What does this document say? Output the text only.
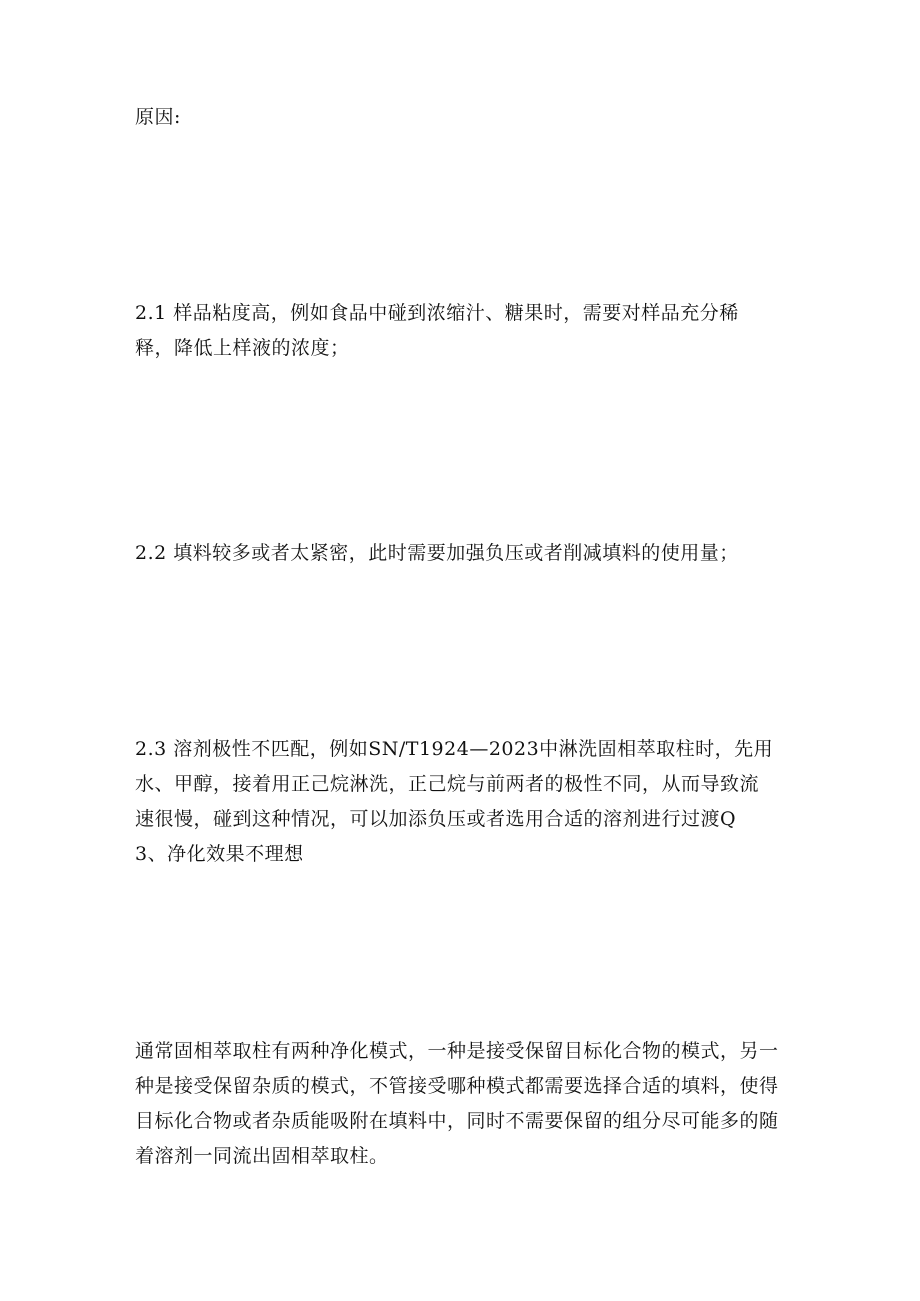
原因:

2.1 样品粘度高，例如食品中碰到浓缩汁、糖果时，需要对样品充分稀
释，降低上样液的浓度；

2.2 填料较多或者太紧密，此时需要加强负压或者削减填料的使用量；

2.3 溶剂极性不匹配，例如SN/T1924—2023中淋洗固相萃取柱时，先用
水、甲醇，接着用正己烷淋洗，正己烷与前两者的极性不同，从而导致流
速很慢，碰到这种情况，可以加添负压或者选用合适的溶剂进行过渡Q
3、净化效果不理想

通常固相萃取柱有两种净化模式，一种是接受保留目标化合物的模式，另一
种是接受保留杂质的模式，不管接受哪种模式都需要选择合适的填料，使得
目标化合物或者杂质能吸附在填料中，同时不需要保留的组分尽可能多的随
着溶剂一同流出固相萃取柱。
